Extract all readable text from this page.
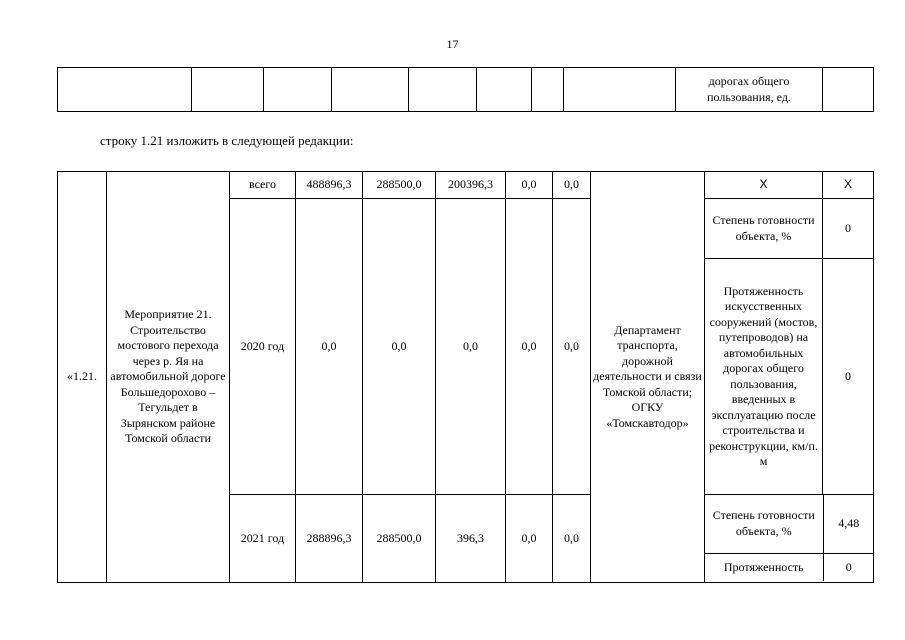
17
								дорогах общего пользования, ед.	
строку 1.21 изложить в следующей редакции:
«1.21.	Мероприятие 21. Строительство мостового перехода через р. Яя на автомобильной дороге Большедорохово – Тегульдет в Зырянском районе Томской области	всего	488896,3	288500,0	200396,3	0,0	0,0	Департамент транспорта, дорожной деятельности и связи Томской области; ОГКУ «Томскавтодор»	Х	Х
2020 год	0,0	0,0	0,0	0,0	0,0	Степень готовности объекта, %	0
Протяженность искусственных сооружений (мостов, путепроводов) на автомобильных дорогах общего пользования, введенных в эксплуатацию после строительства и реконструкции, км/п. м	0
2021 год	288896,3	288500,0	396,3	0,0	0,0	
Степень готовности объекта, %	4,48
Протяженность	0
